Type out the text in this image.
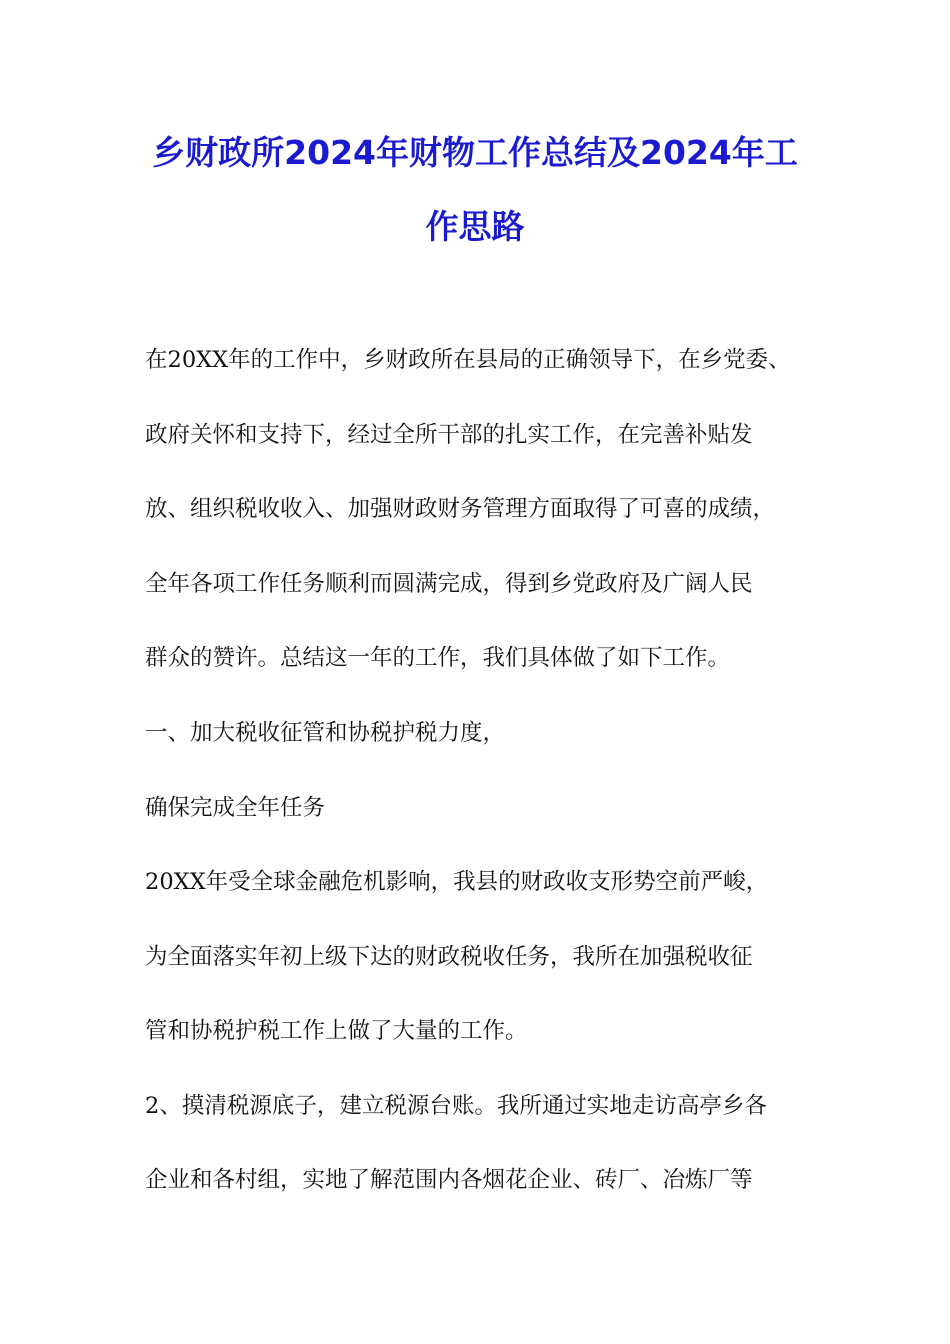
乡财政所2024年财物工作总结及2024年工
作思路
在20XX年的工作中，乡财政所在县局的正确领导下，在乡党委、
政府关怀和支持下，经过全所干部的扎实工作，在完善补贴发
放、组织税收收入、加强财政财务管理方面取得了可喜的成绩，
全年各项工作任务顺利而圆满完成，得到乡党政府及广阔人民
群众的赞许。总结这一年的工作，我们具体做了如下工作。
一、加大税收征管和协税护税力度，
确保完成全年任务
20XX年受全球金融危机影响，我县的财政收支形势空前严峻，
为全面落实年初上级下达的财政税收任务，我所在加强税收征
管和协税护税工作上做了大量的工作。
2、摸清税源底子，建立税源台账。我所通过实地走访高亭乡各
企业和各村组，实地了解范围内各烟花企业、砖厂、冶炼厂等
